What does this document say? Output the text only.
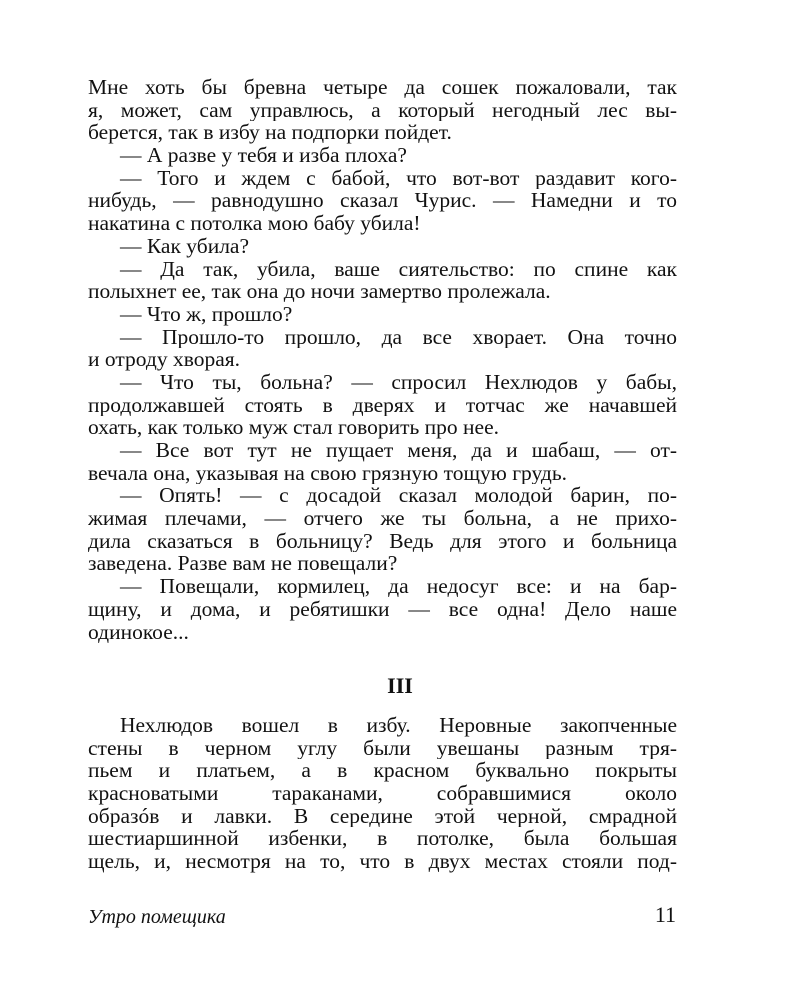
Мне хоть бы бревна четыре да сошек пожаловали, так
я, может, сам управлюсь, а который негодный лес вы-
берется, так в избу на подпорки пойдет.
— А разве у тебя и изба плоха?
— Того и ждем с бабой, что вот-вот раздавит кого-
нибудь, — равнодушно сказал Чурис. — Намедни и то
накатина с потолка мою бабу убила!
— Как убила?
— Да так, убила, ваше сиятельство: по спине как
полыхнет ее, так она до ночи замертво пролежала.
— Что ж, прошло?
— Прошло-то прошло, да все хворает. Она точно
и отроду хворая.
— Что ты, больна? — спросил Нехлюдов у бабы,
продолжавшей стоять в дверях и тотчас же начавшей
охать, как только муж стал говорить про нее.
— Все вот тут не пущает меня, да и шабаш, — от-
вечала она, указывая на свою грязную тощую грудь.
— Опять! — с досадой сказал молодой барин, по-
жимая плечами, — отчего же ты больна, а не прихо-
дила сказаться в больницу? Ведь для этого и больница
заведена. Разве вам не повещали?
— Повещали, кормилец, да недосуг все: и на бар-
щину, и дома, и ребятишки — все одна! Дело наше
одинокое...
III
Нехлюдов вошел в избу. Неровные закопченные
стены в черном углу были увешаны разным тря-
пьем и платьем, а в красном буквально покрыты
красноватыми тараканами, собравшимися около
образóв и лавки. В середине этой черной, смрадной
шестиаршинной избенки, в потолке, была большая
щель, и, несмотря на то, что в двух местах стояли под-
Утро помещика	11
